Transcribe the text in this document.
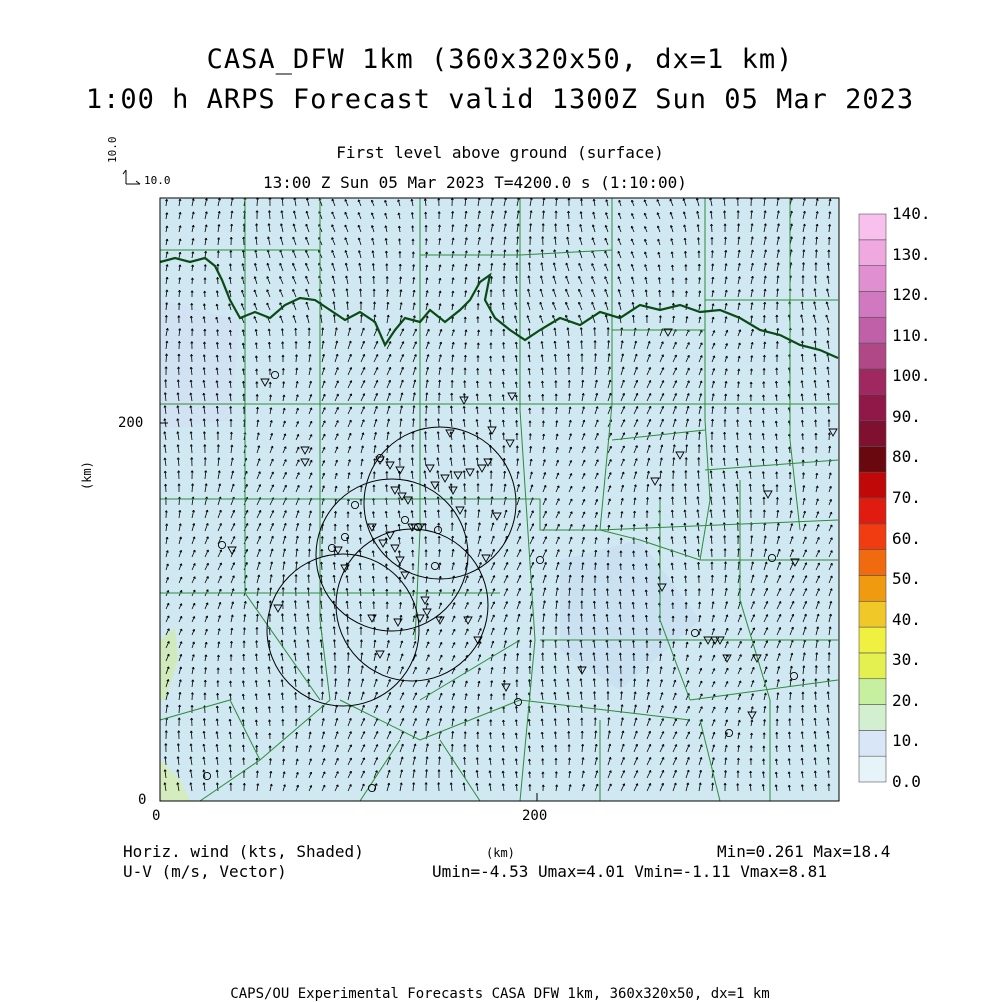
CASA_DFW 1km (360x320x50, dx=1 km)
1:00 h ARPS Forecast valid 1300Z Sun 05 Mar 2023
First level above ground (surface)
13:00 Z Sun 05 Mar 2023 T=4200.0 s (1:10:00)
10.0
10.0
(km)
200
0
0	200
(km)
Horiz. wind (kts, Shaded)
U-V (m/s, Vector)
Min=0.261 Max=18.4
Umin=-4.53 Umax=4.01 Vmin=-1.11 Vmax=8.81
CAPS/OU Experimental Forecasts CASA DFW 1km, 360x320x50, dx=1 km
0.0
10.
20.
30.
40.
50.
60.
70.
80.
90.
100.
110.
120.
130.
140.
